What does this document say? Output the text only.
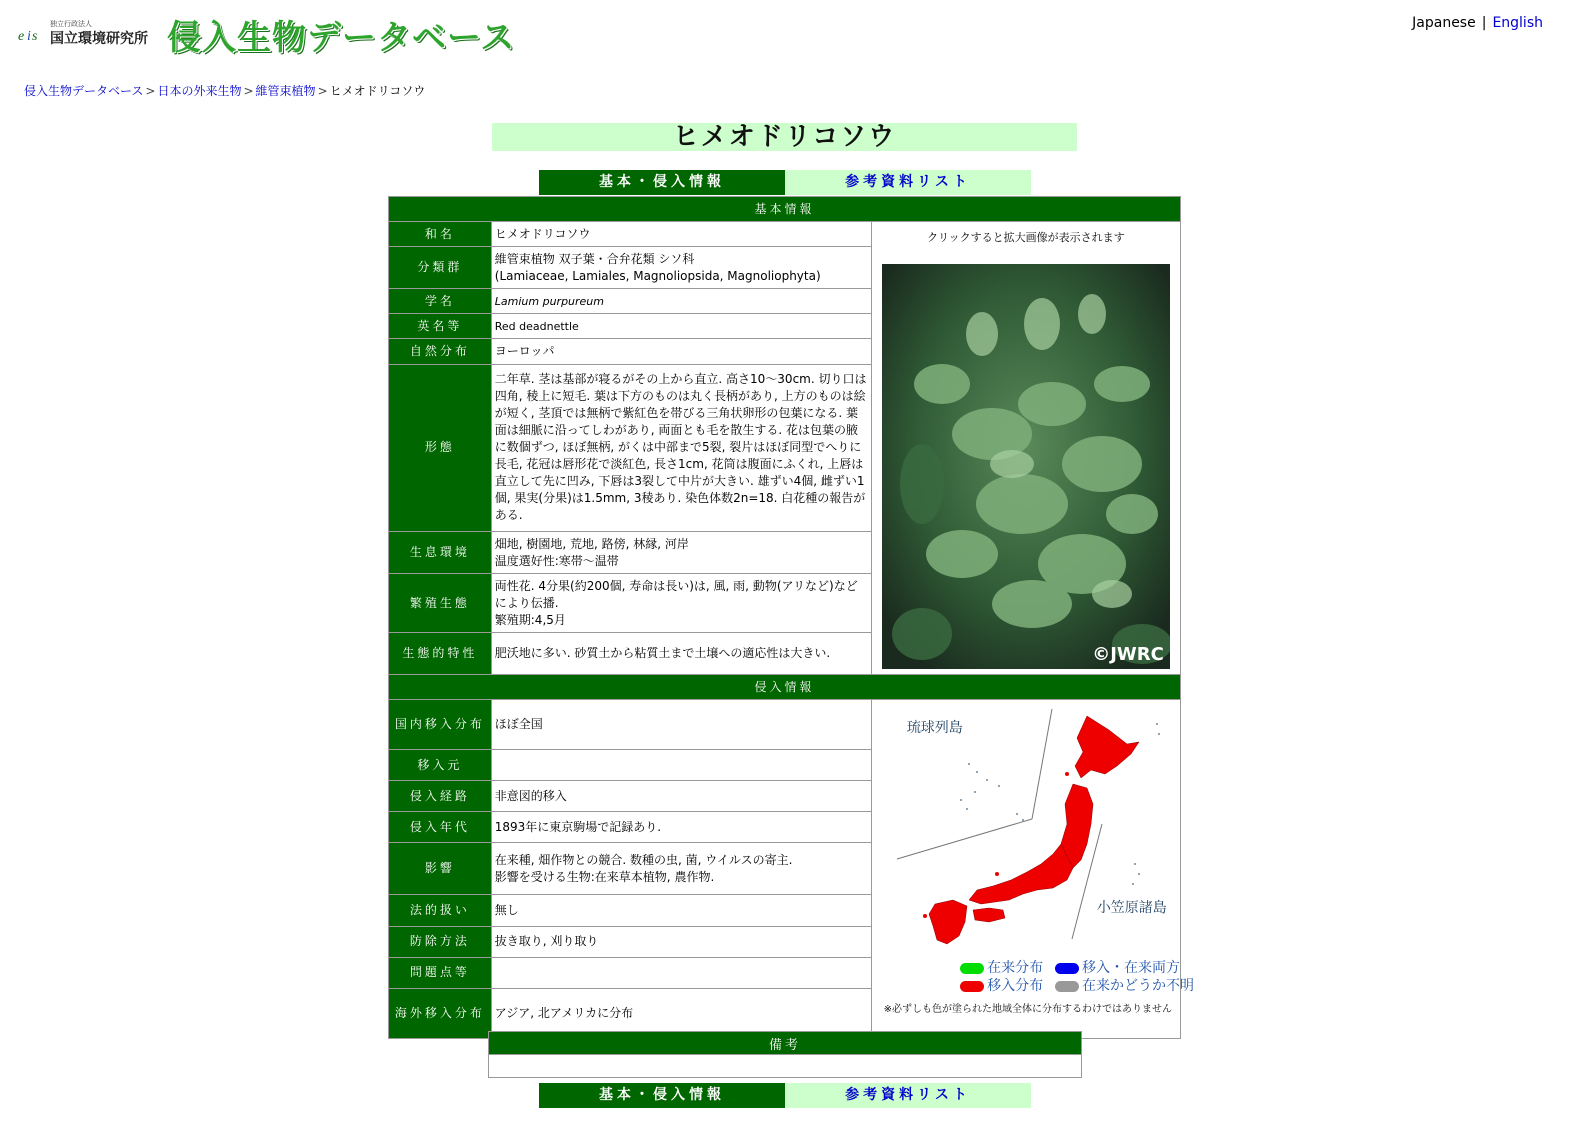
e i s
独立行政法人
国立環境研究所 侵入生物データベース	Japanese | English
侵入生物データベース > 日本の外来生物 > 維管束植物 > ヒメオドリコソウ
ヒメオドリコソウ
基本・侵入情報	参考資料リスト
基本情報		
和名	ヒメオドリコソウ	クリックすると拡大画像が表示されます
©JWRC

分類群	維管束植物 双子葉・合弁花類 シソ科
(Lamiaceae, Lamiales, Magnoliopsida, Magnoliophyta)	
学名	Lamium purpureum	
英名等	Red deadnettle	
自然分布	ヨーロッパ	
形態	二年草. 茎は基部が寝るがその上から直立. 高さ10～30cm. 切り口は四角, 稜上に短毛. 葉は下方のものは丸く長柄があり, 上方のものは絵が短く, 茎頂では無柄で紫紅色を帯びる三角状卵形の包葉になる. 葉面は細脈に沿ってしわがあり, 両面とも毛を散生する. 花は包葉の腋に数個ずつ, ほぼ無柄, がくは中部まで5裂, 裂片はほぼ同型でへりに長毛, 花冠は唇形花で淡紅色, 長さ1cm, 花筒は腹面にふくれ, 上唇は直立して先に凹み, 下唇は3裂して中片が大きい. 雄ずい4個, 雌ずい1個, 果実(分果)は1.5mm, 3稜あり. 染色体数2n=18. 白花種の報告がある.	
生息環境	畑地, 樹園地, 荒地, 路傍, 林縁, 河岸
温度選好性:寒帯～温帯	
繁殖生態	両性花. 4分果(約200個, 寿命は長い)は, 風, 雨, 動物(アリなど)などにより伝播.
繁殖期:4,5月	
生態的特性	肥沃地に多い. 砂質土から粘質土まで土壌への適応性は大きい.	
侵入情報		
国内移入分布	ほぼ全国	琉球列島
小笠原諸島
在来分布 移入・在来両方
移入分布 在来かどうか不明
※必ずしも色が塗られた地域全体に分布するわけではありません

移入元		
侵入経路	非意図的移入	
侵入年代	1893年に東京駒場で記録あり.	
影響	在来種, 畑作物との競合. 数種の虫, 菌, ウイルスの寄主.
影響を受ける生物:在来草本植物, 農作物.	
法的扱い	無し	
防除方法	抜き取り, 刈り取り	
問題点等		
海外移入分布	アジア, 北アメリカに分布	
備考

基本・侵入情報	参考資料リスト
